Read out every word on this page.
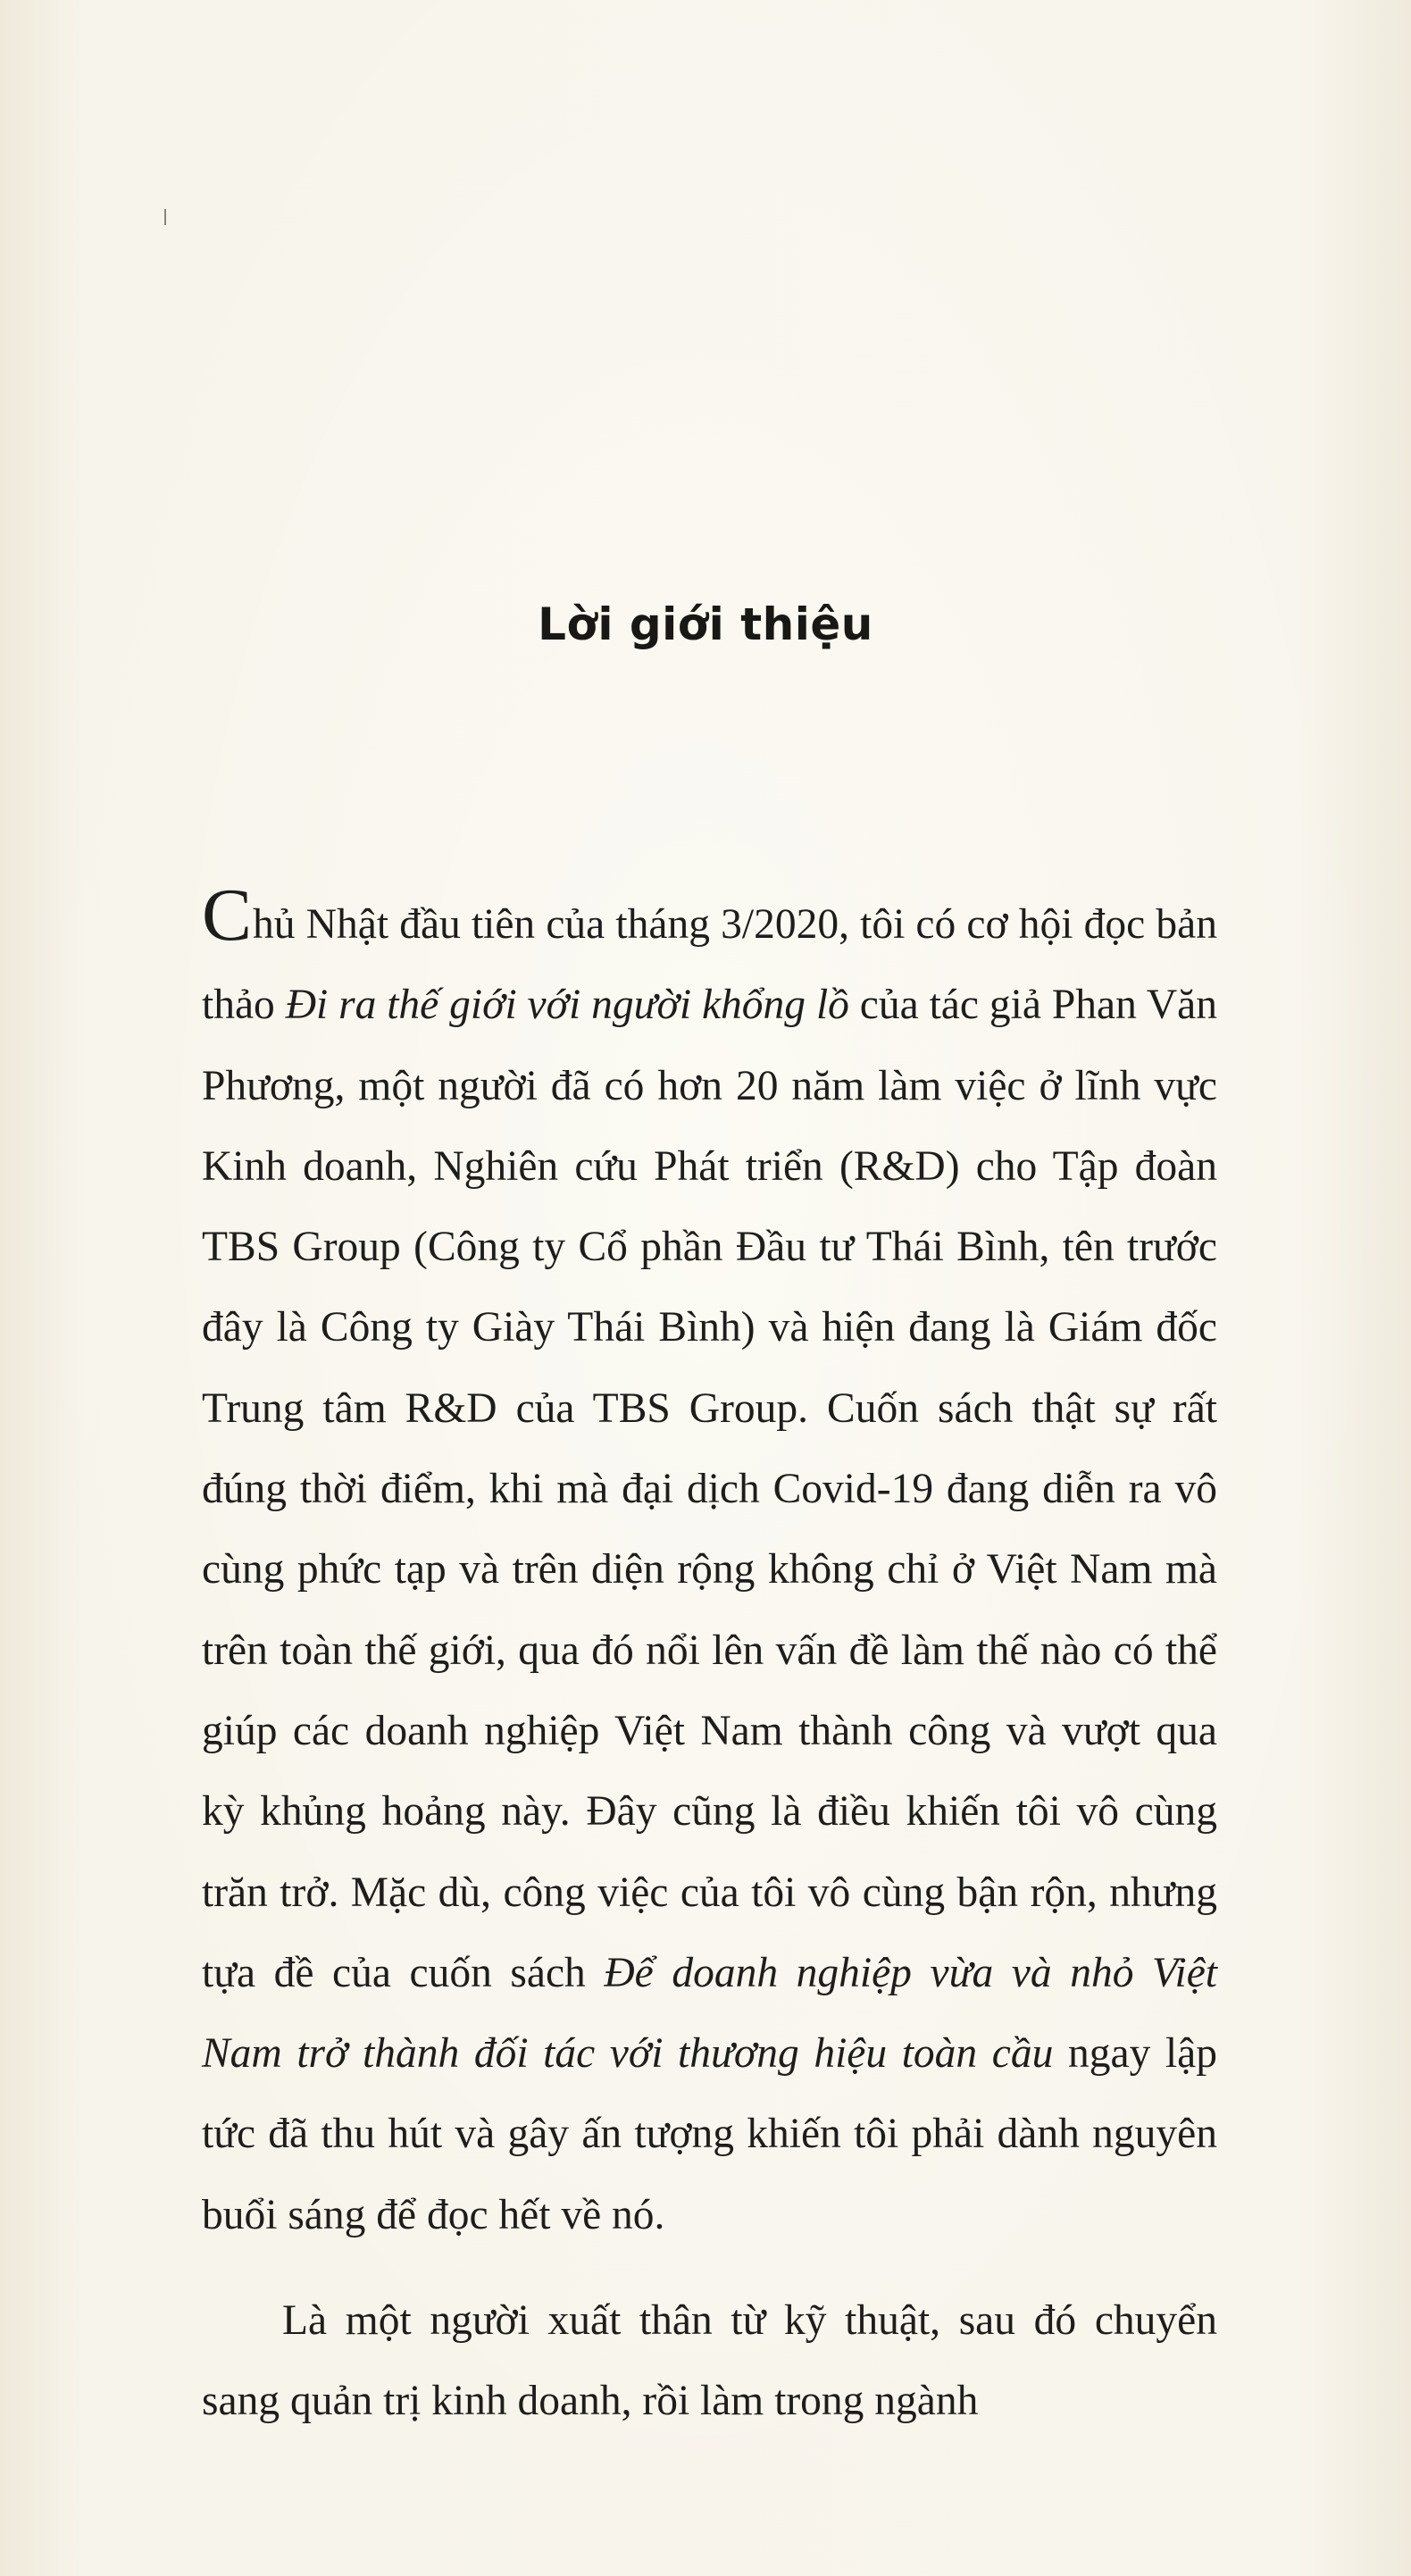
Lời giới thiệu

Chủ Nhật đầu tiên của tháng 3/2020, tôi có cơ hội đọc bản thảo Đi ra thế giới với người khổng lồ của tác giả Phan Văn Phương, một người đã có hơn 20 năm làm việc ở lĩnh vực Kinh doanh, Nghiên cứu Phát triển (R&D) cho Tập đoàn TBS Group (Công ty Cổ phần Đầu tư Thái Bình, tên trước đây là Công ty Giày Thái Bình) và hiện đang là Giám đốc Trung tâm R&D của TBS Group. Cuốn sách thật sự rất đúng thời điểm, khi mà đại dịch Covid-19 đang diễn ra vô cùng phức tạp và trên diện rộng không chỉ ở Việt Nam mà trên toàn thế giới, qua đó nổi lên vấn đề làm thế nào có thể giúp các doanh nghiệp Việt Nam thành công và vượt qua kỳ khủng hoảng này. Đây cũng là điều khiến tôi vô cùng trăn trở. Mặc dù, công việc của tôi vô cùng bận rộn, nhưng tựa đề của cuốn sách Để doanh nghiệp vừa và nhỏ Việt Nam trở thành đối tác với thương hiệu toàn cầu ngay lập tức đã thu hút và gây ấn tượng khiến tôi phải dành nguyên buổi sáng để đọc hết về nó.

Là một người xuất thân từ kỹ thuật, sau đó chuyển sang quản trị kinh doanh, rồi làm trong ngành
